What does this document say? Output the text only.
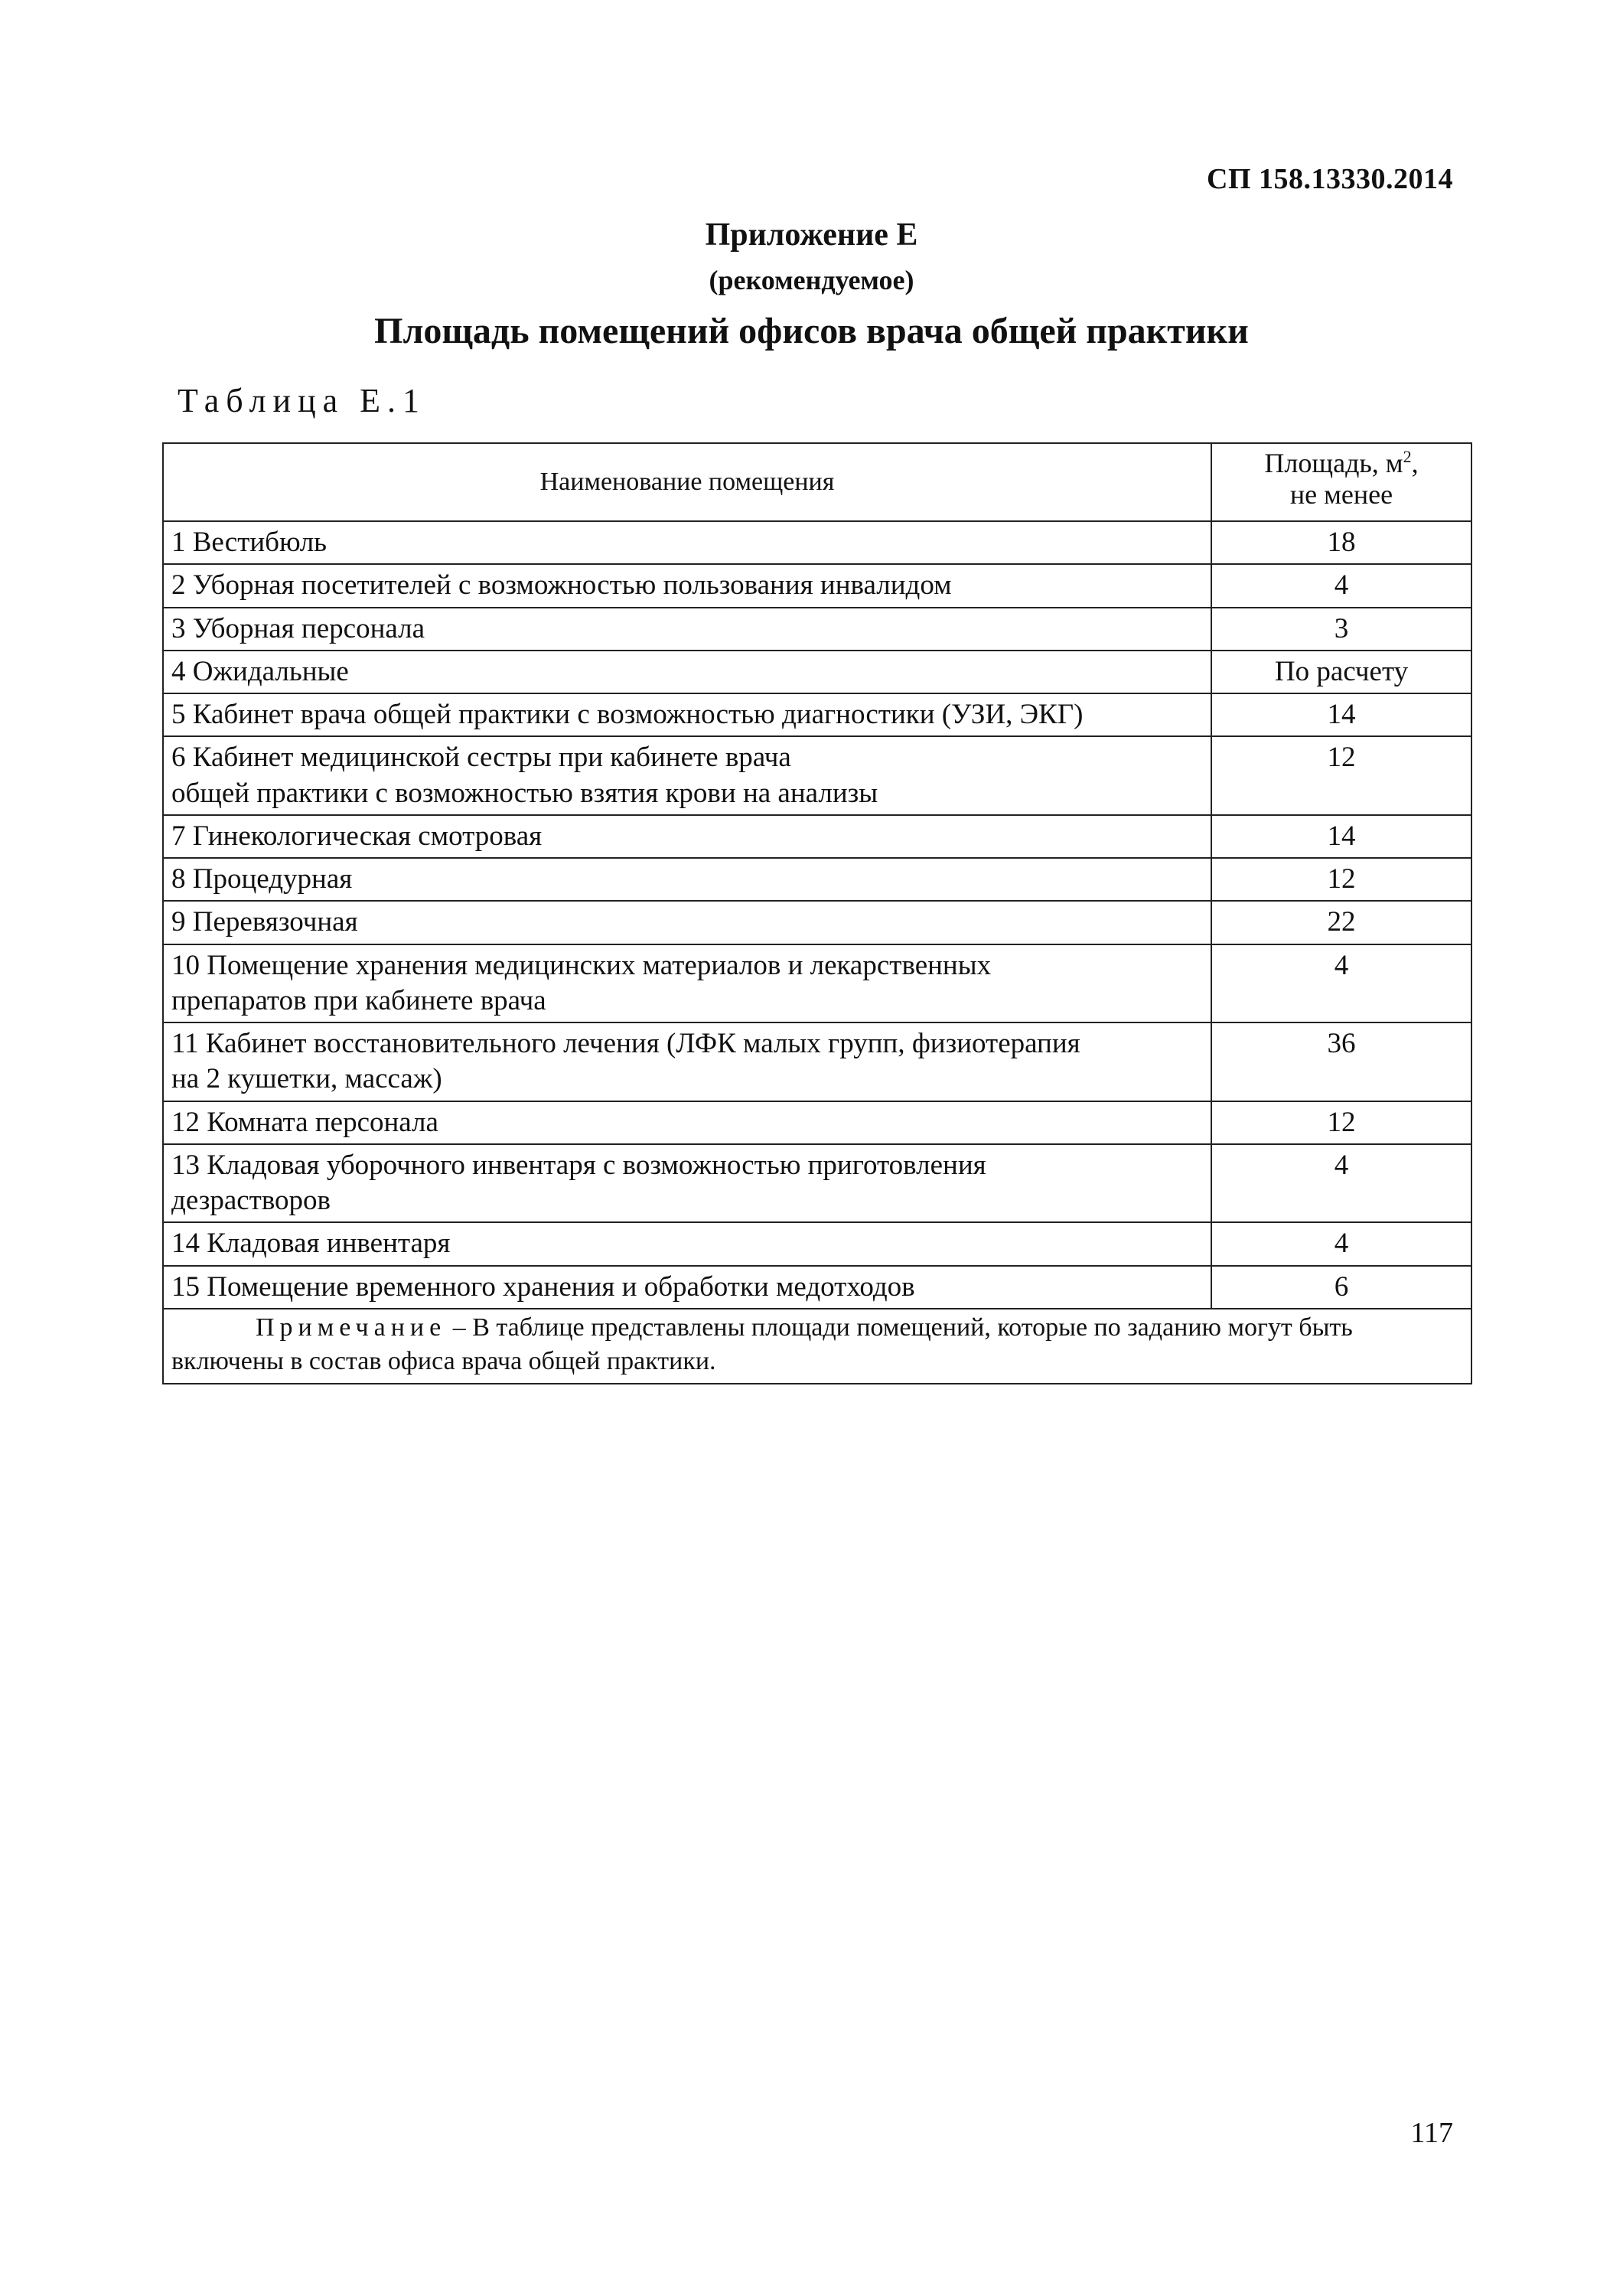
СП 158.13330.2014
Приложение Е
(рекомендуемое)
Площадь помещений офисов врача общей практики
Таблица Е.1
Наименование помещения	Площадь, $м^2$,
не менее

1 Вестибюль	18

2 Уборная посетителей с возможностью пользования инвалидом	4

3 Уборная персонала	3

4 Ожидальные	По расчету

5 Кабинет врача общей практики с возможностью диагностики (УЗИ, ЭКГ)	14

6 Кабинет медицинской сестры при кабинете врача
общей практики с возможностью взятия крови на анализы	12

7 Гинекологическая смотровая	14

8 Процедурная	12

9 Перевязочная	22

10 Помещение хранения медицинских материалов и лекарственных
препаратов при кабинете врача	4

11 Кабинет восстановительного лечения (ЛФК малых групп, физиотерапия
на 2 кушетки, массаж)	36

12 Комната персонала	12

13 Кладовая уборочного инвентаря с возможностью приготовления
дезрастворов	4

14 Кладовая инвентаря	4

15 Помещение временного хранения и обработки медотходов	6
Примечание – В таблице представлены площади помещений, которые по заданию могут быть включены в состав офиса врача общей практики.	
117
